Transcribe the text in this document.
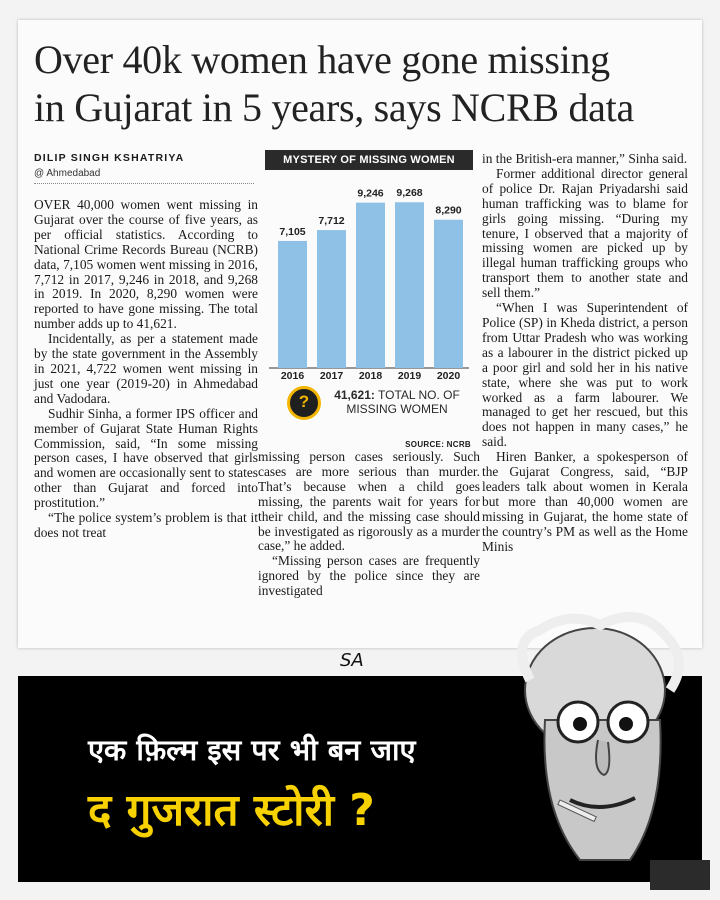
Over 40k women have gone missing
in Gujarat in 5 years, says NCRB data
DILIP SINGH KSHATRIYA
@ Ahmedabad

OVER 40,000 women went missing in Gujarat over the course of five years, as per official statistics. According to National Crime Records Bureau (NCRB) data, 7,105 women went missing in 2016, 7,712 in 2017, 9,246 in 2018, and 9,268 in 2019. In 2020, 8,290 women were reported to have gone missing. The total number adds up to 41,621.

Incidentally, as per a statement made by the state government in the Assembly in 2021, 4,722 women went missing in just one year (2019-20) in Ahmedabad and Vadodara.

Sudhir Sinha, a former IPS officer and member of Gujarat State Human Rights Commission, said, “In some missing person cases, I have observed that girls and women are occasionally sent to states other than Gujarat and forced into prostitution.”

“The police system’s problem is that it does not treat

MYSTERY OF MISSING WOMEN
7,105
2016
7,712
2017
9,246
2018
9,268
2019
8,290
2020
?	41,621: TOTAL NO. OF MISSING WOMEN
SOURCE: NCRB

missing person cases seriously. Such cases are more serious than murder. That’s because when a child goes missing, the parents wait for years for their child, and the missing case should be investigated as rigorously as a murder case,” he added.

“Missing person cases are frequently ignored by the police since they are investigated

in the British-era manner,” Sinha said.

Former additional director general of police Dr. Rajan Priyadarshi said human trafficking was to blame for girls going missing. “During my tenure, I observed that a majority of missing women are picked up by illegal human trafficking groups who transport them to another state and sell them.”

“When I was Superintendent of Police (SP) in Kheda district, a person from Uttar Pradesh who was working as a labourer in the district picked up a poor girl and sold her in his native state, where she was put to work worked as a farm labourer. We managed to get her rescued, but this does not happen in many cases,” he said.

Hiren Banker, a spokesperson of the Gujarat Congress, said, “BJP leaders talk about women in Kerala but more than 40,000 women are missing in Gujarat, the home state of the country’s PM as well as the Home Minis

SA
एक फ़िल्म इस पर भी बन जाए
द गुजरात स्टोरी ?
